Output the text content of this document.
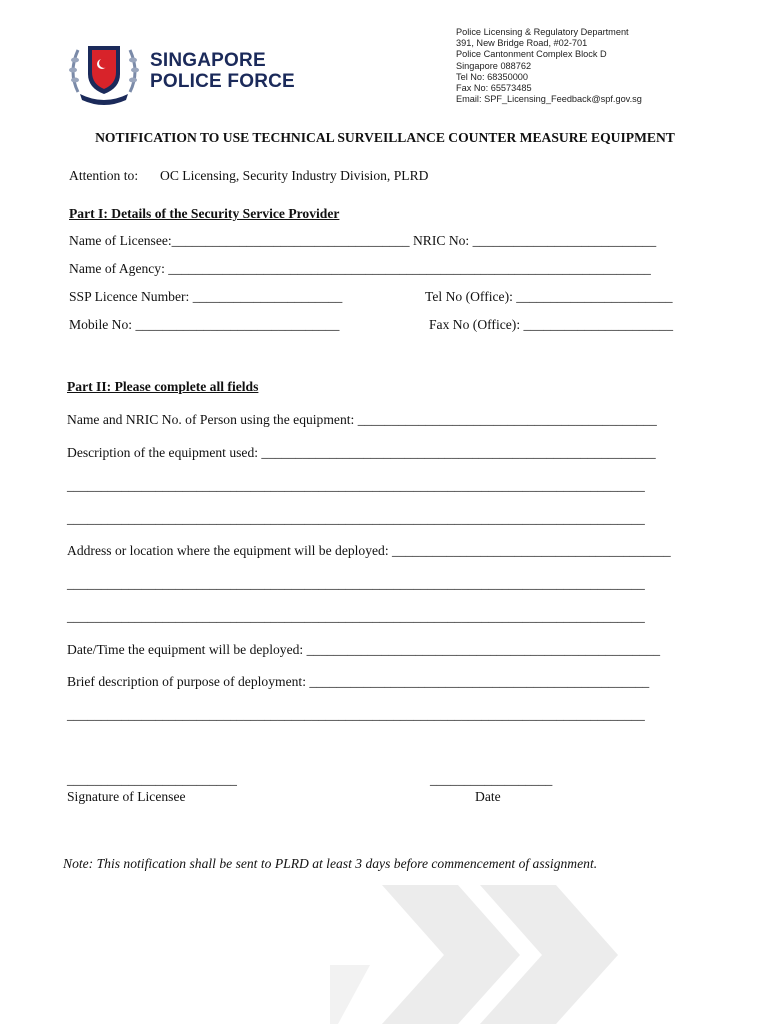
SINGAPORE
POLICE FORCE
Police Licensing & Regulatory Department
391, New Bridge Road, #02-701
Police Cantonment Complex Block D
Singapore 088762
Tel No: 68350000
Fax No: 65573485
Email: SPF_Licensing_Feedback@spf.gov.sg
NOTIFICATION TO USE TECHNICAL SURVEILLANCE COUNTER MEASURE EQUIPMENT
Attention to: OC Licensing, Security Industry Division, PLRD
Part I: Details of the Security Service Provider
Name of Licensee:___________________________________ NRIC No: ___________________________
Name of Agency: _______________________________________________________________________
SSP Licence Number: ______________________	Tel No (Office): _______________________
Mobile No: ______________________________	Fax No (Office): ______________________
Part II: Please complete all fields
Name and NRIC No. of Person using the equipment: ____________________________________________
Description of the equipment used: __________________________________________________________
_____________________________________________________________________________________
_____________________________________________________________________________________
Address or location where the equipment will be deployed: _________________________________________
_____________________________________________________________________________________
_____________________________________________________________________________________
Date/Time the equipment will be deployed: ____________________________________________________
Brief description of purpose of deployment: __________________________________________________
_____________________________________________________________________________________
_________________________
Signature of Licensee
__________________
Date
Note: This notification shall be sent to PLRD at least 3 days before commencement of assignment.
